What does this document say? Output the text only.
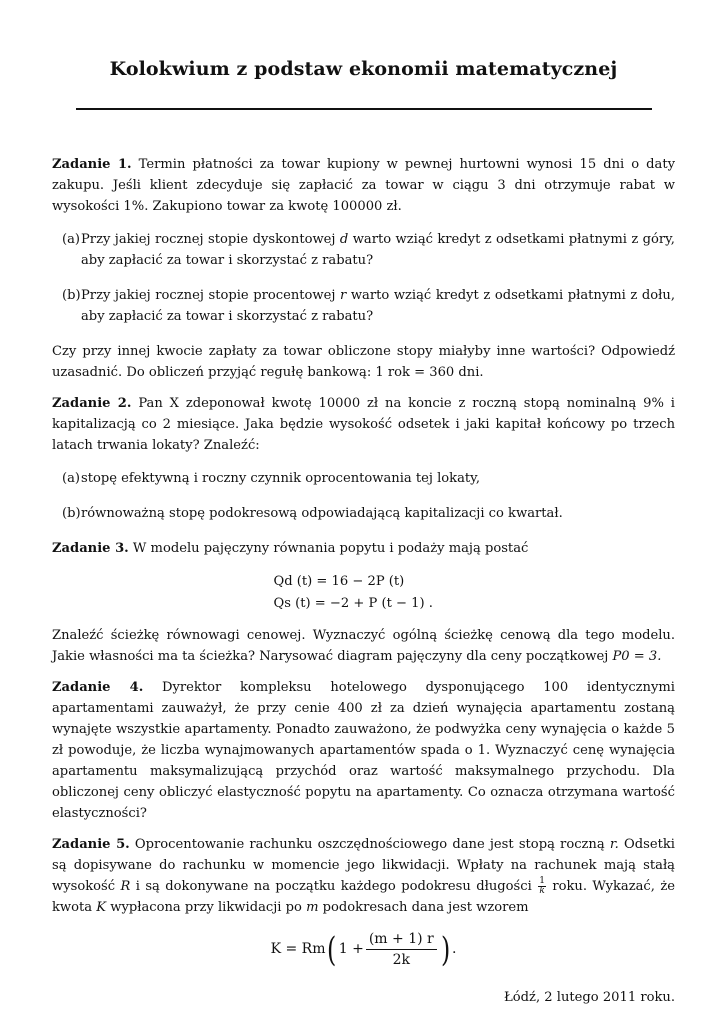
Kolokwium z podstaw ekonomii matematycznej

Zadanie 1. Termin płatności za towar kupiony w pewnej hurtowni wynosi 15 dni o daty zakupu. Jeśli klient zdecyduje się zapłacić za towar w ciągu 3 dni otrzymuje rabat w wysokości 1%. Zakupiono towar za kwotę 100000 zł.

(a) Przy jakiej rocznej stopie dyskontowej d warto wziąć kredyt z odsetkami płatnymi z góry, aby zapłacić za towar i skorzystać z rabatu?
(b) Przy jakiej rocznej stopie procentowej r warto wziąć kredyt z odsetkami płatnymi z dołu, aby zapłacić za towar i skorzystać z rabatu?

Czy przy innej kwocie zapłaty za towar obliczone stopy miałyby inne wartości? Odpowiedź uzasadnić. Do obliczeń przyjąć regułę bankową: 1 rok = 360 dni.

Zadanie 2. Pan X zdeponował kwotę 10000 zł na koncie z roczną stopą nominalną 9% i kapitalizacją co 2 miesiące. Jaka będzie wysokość odsetek i jaki kapitał końcowy po trzech latach trwania lokaty? Znaleźć:

(a) stopę efektywną i roczny czynnik oprocentowania tej lokaty,
(b) równoważną stopę podokresową odpowiadającą kapitalizacji co kwartał.

Zadanie 3. W modelu pajęczyny równania popytu i podaży mają postać

Qd (t) = 16 − 2P (t)
Qs (t) = −2 + P (t − 1) .

Znaleźć ścieżkę równowagi cenowej. Wyznaczyć ogólną ścieżkę cenową dla tego modelu. Jakie własności ma ta ścieżka? Narysować diagram pajęczyny dla ceny początkowej P0 = 3.

Zadanie 4. Dyrektor kompleksu hotelowego dysponującego 100 identycznymi apartamentami zauważył, że przy cenie 400 zł za dzień wynajęcia apartamentu zostaną wynajęte wszystkie apartamenty. Ponadto zauważono, że podwyżka ceny wynajęcia o każde 5 zł powoduje, że liczba wynajmowanych apartamentów spada o 1. Wyznaczyć cenę wynajęcia apartamentu maksymalizującą przychód oraz wartość maksymalnego przychodu. Dla obliczonej ceny obliczyć elastyczność popytu na apartamenty. Co oznacza otrzymana wartość elastyczności?

Zadanie 5. Oprocentowanie rachunku oszczędnościowego dane jest stopą roczną r. Odsetki są dopisywane do rachunku w momencie jego likwidacji. Wpłaty na rachunek mają stałą wysokość R i są dokonywane na początku każdego podokresu długości $\frac{1}{k}$ roku. Wykazać, że kwota K wypłacona przy likwidacji po m podokresach dana jest wzorem

K = Rm ( $1 + \frac{(m + 1) r}{2k}$ ) .

Łódź, 2 lutego 2011 roku.
